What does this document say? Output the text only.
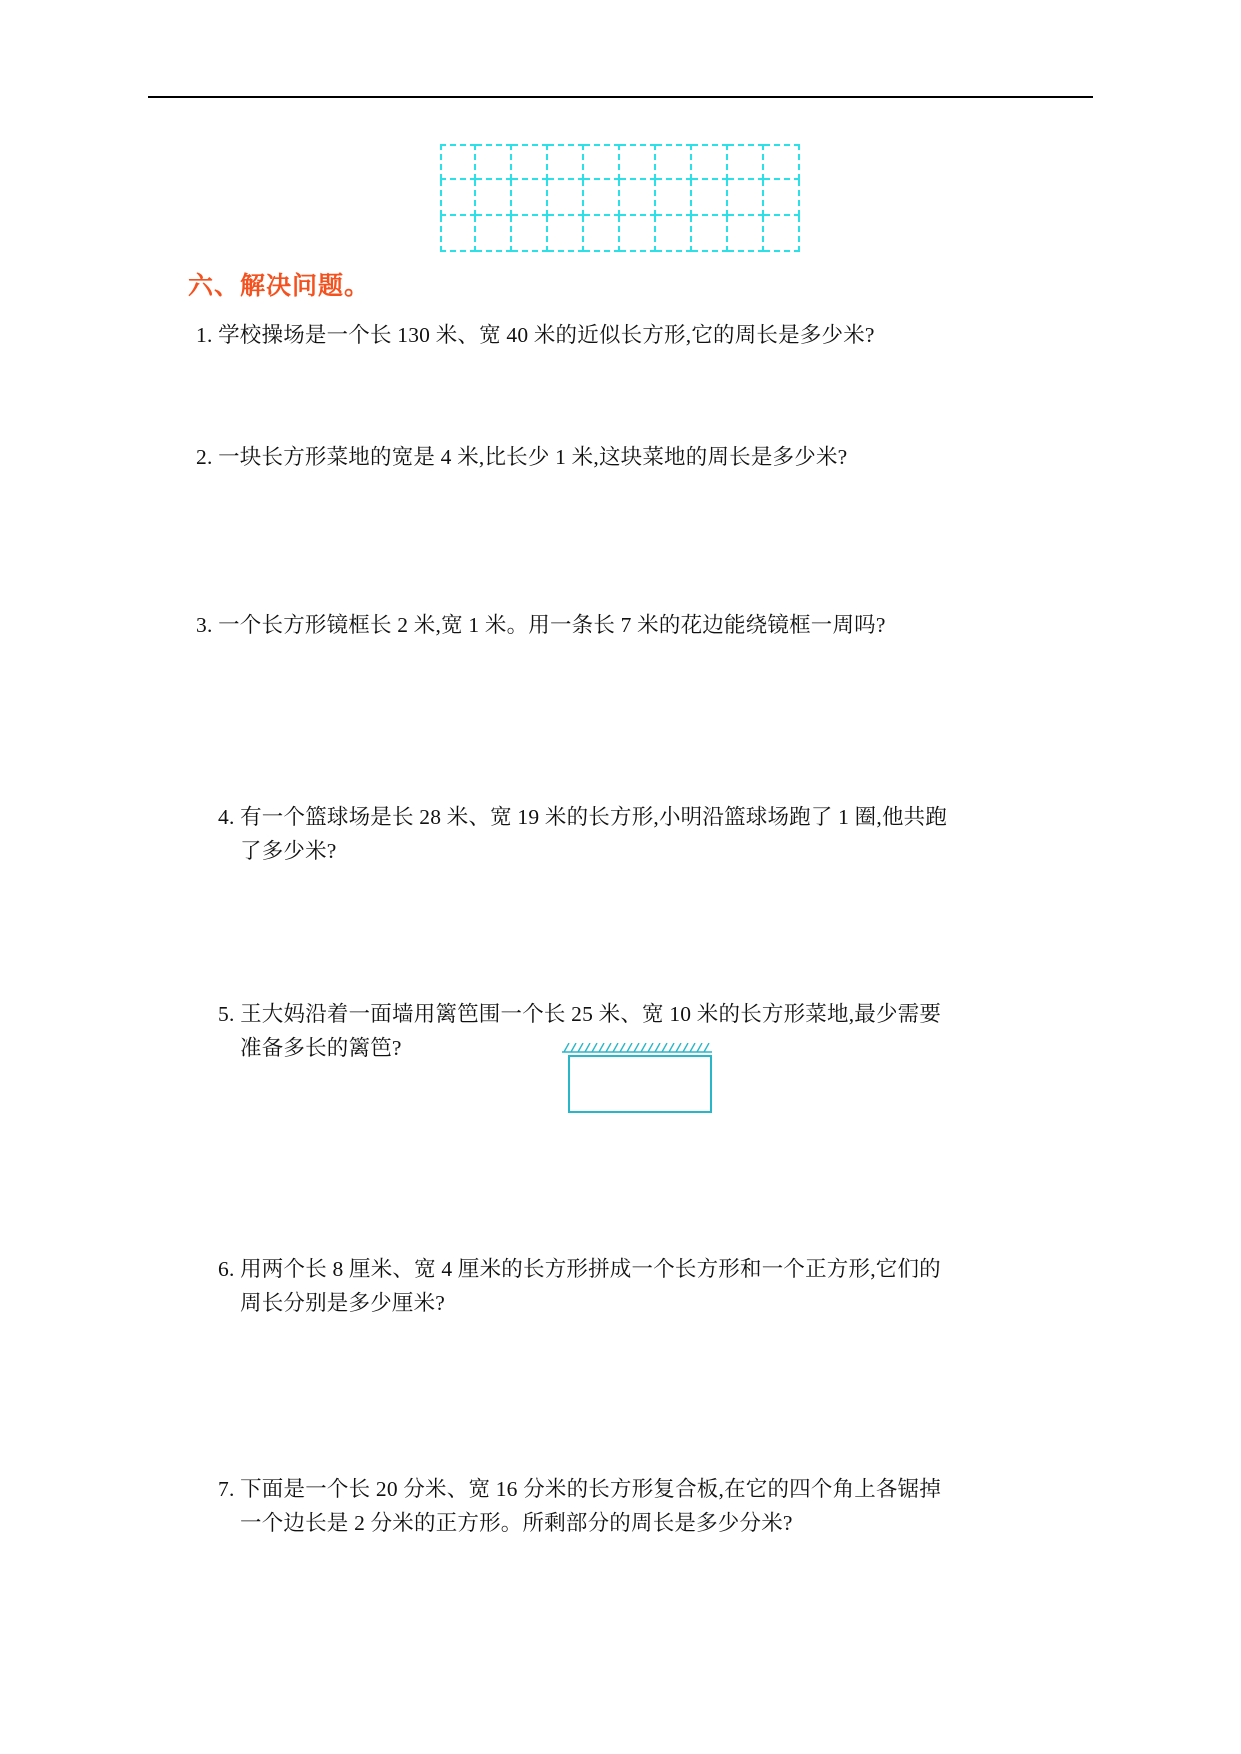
六、解决问题。
1. 学校操场是一个长 130 米、宽 40 米的近似长方形,它的周长是多少米?
2. 一块长方形菜地的宽是 4 米,比长少 1 米,这块菜地的周长是多少米?
3. 一个长方形镜框长 2 米,宽 1 米。用一条长 7 米的花边能绕镜框一周吗?
4. 有一个篮球场是长 28 米、宽 19 米的长方形,小明沿篮球场跑了 1 圈,他共跑
了多少米?
5. 王大妈沿着一面墙用篱笆围一个长 25 米、宽 10 米的长方形菜地,最少需要
准备多长的篱笆?
6. 用两个长 8 厘米、宽 4 厘米的长方形拼成一个长方形和一个正方形,它们的
周长分别是多少厘米?
7. 下面是一个长 20 分米、宽 16 分米的长方形复合板,在它的四个角上各锯掉
一个边长是 2 分米的正方形。所剩部分的周长是多少分米?
